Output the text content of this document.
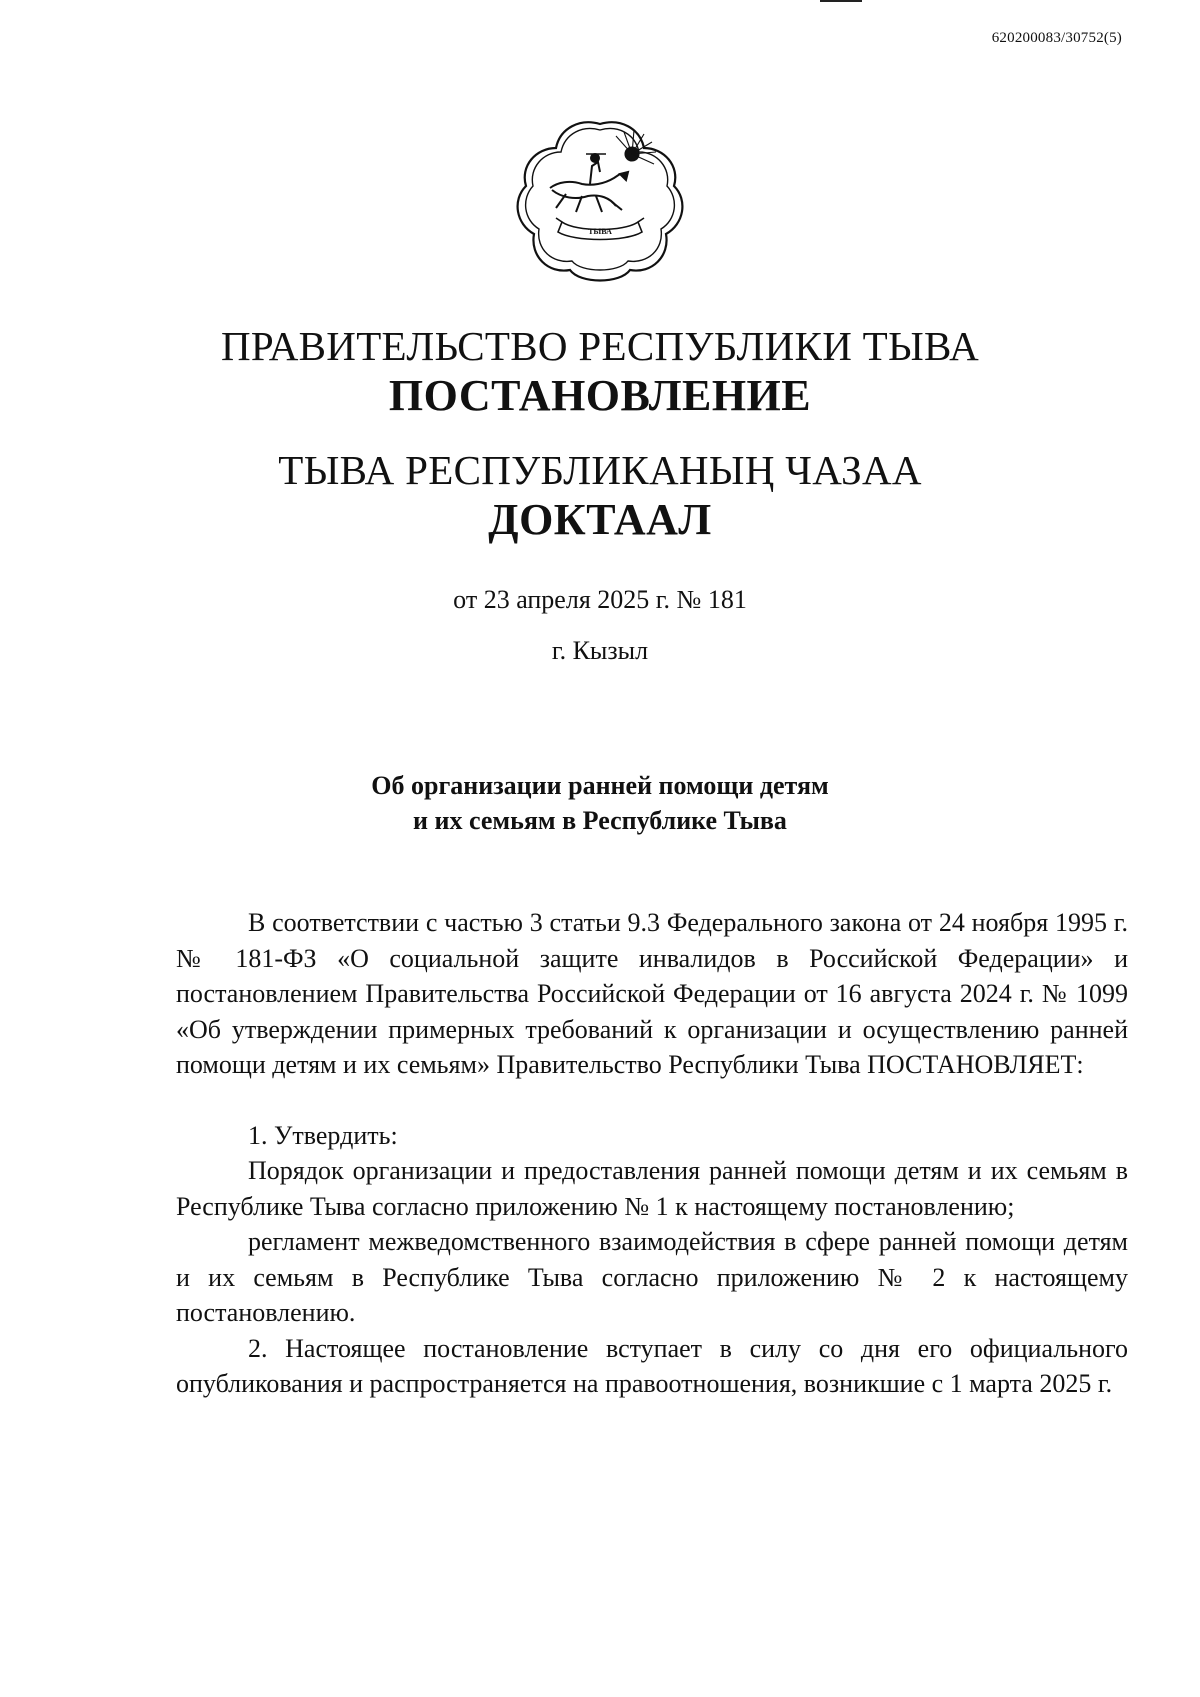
620200083/30752(5)
ТЫВА
ПРАВИТЕЛЬСТВО РЕСПУБЛИКИ ТЫВА
ПОСТАНОВЛЕНИЕ
ТЫВА РЕСПУБЛИКАНЫҢ ЧАЗАА
ДОКТААЛ
от 23 апреля 2025 г. № 181
г. Кызыл
Об организации ранней помощи детям
и их семьям в Республике Тыва

В соответствии с частью 3 статьи 9.3 Федерального закона от 24 ноября 1995 г. № 181-ФЗ «О социальной защите инвалидов в Российской Федерации» и постановлением Правительства Российской Федерации от 16 августа 2024 г. № 1099 «Об утверждении примерных требований к организации и осуществлению ранней помощи детям и их семьям» Правительство Республики Тыва ПОСТАНОВЛЯЕТ:

1. Утвердить:

Порядок организации и предоставления ранней помощи детям и их семьям в Республике Тыва согласно приложению № 1 к настоящему постановлению;

регламент межведомственного взаимодействия в сфере ранней помощи детям и их семьям в Республике Тыва согласно приложению № 2 к настоящему постановлению.

2. Настоящее постановление вступает в силу со дня его официального опубликования и распространяется на правоотношения, возникшие с 1 марта 2025 г.
